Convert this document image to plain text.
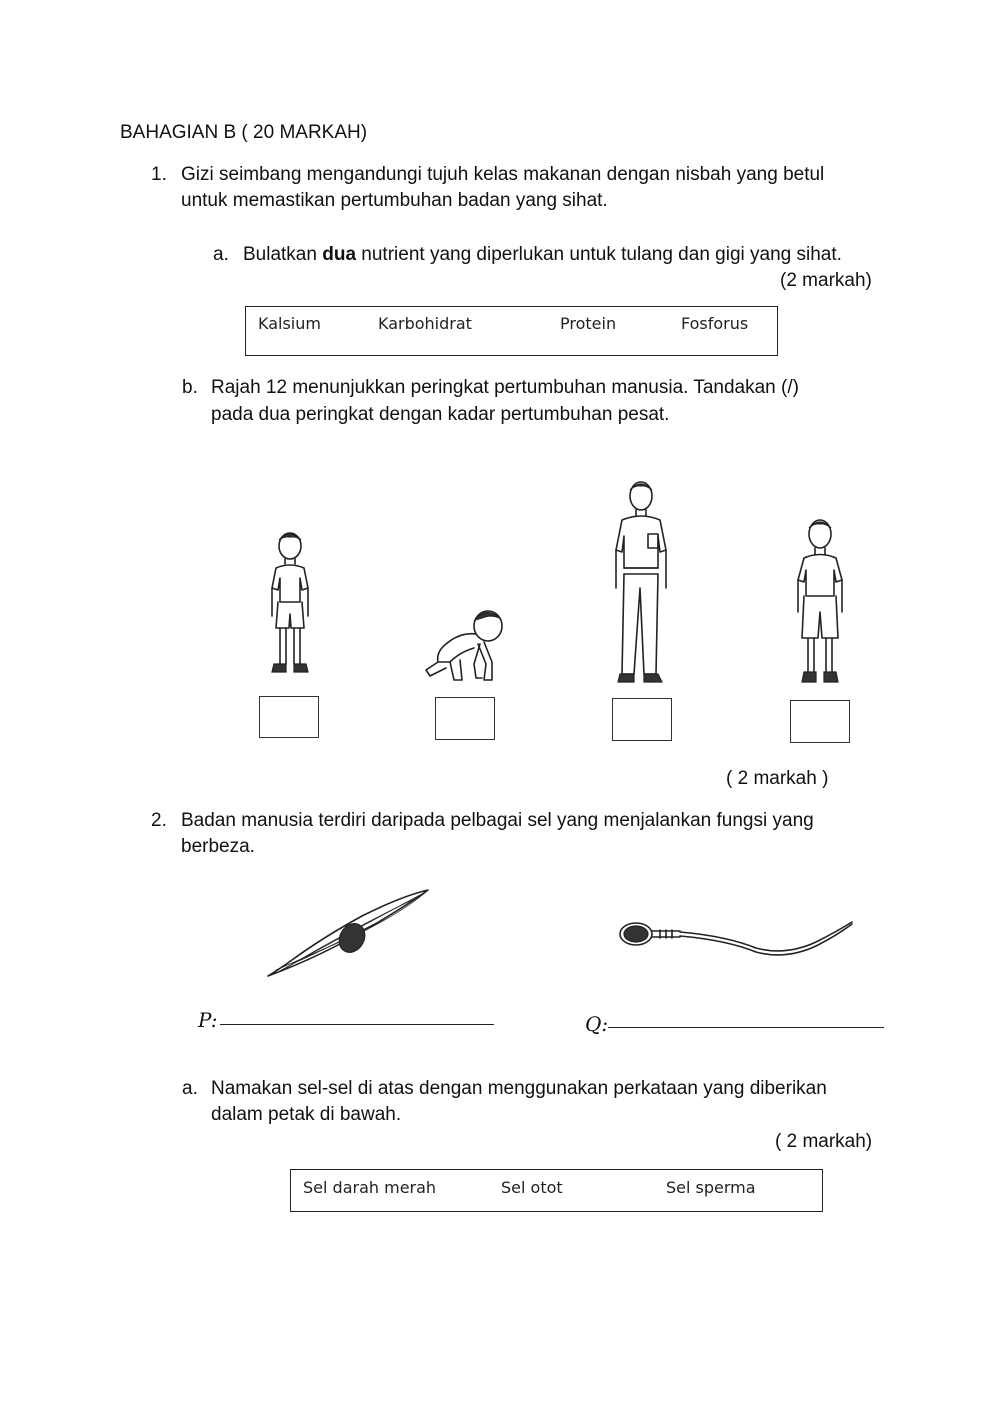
BAHAGIAN B ( 20 MARKAH)
1. Gizi seimbang mengandungi tujuh kelas makanan dengan nisbah yang betul
untuk memastikan pertumbuhan badan yang sihat.
a. Bulatkan dua nutrient yang diperlukan untuk tulang dan gigi yang sihat.
(2 markah)
Kalsium	Karbohidrat	Protein	Fosforus
b. Rajah 12 menunjukkan peringkat pertumbuhan manusia. Tandakan (/)
pada dua peringkat dengan kadar pertumbuhan pesat.
( 2 markah )
2. Badan manusia terdiri daripada pelbagai sel yang menjalankan fungsi yang
berbeza.
P:	Q:
a. Namakan sel-sel di atas dengan menggunakan perkataan yang diberikan
dalam petak di bawah.
( 2 markah)
Sel darah merah	Sel otot	Sel sperma
